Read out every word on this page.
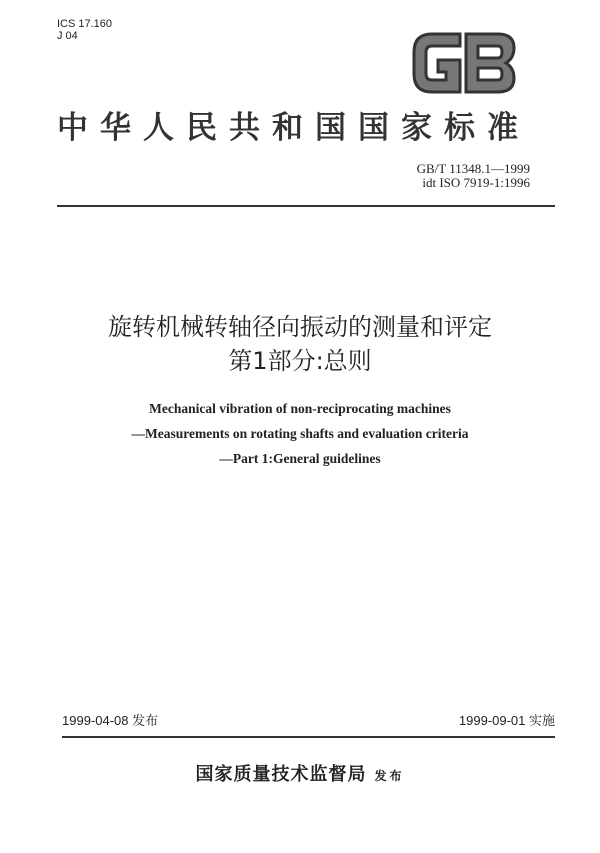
ICS 17.160
J 04
中华人民共和国国家标准
GB/T 11348.1—1999
idt ISO 7919-1:1996
旋转机械转轴径向振动的测量和评定
第1部分:总则
Mechanical vibration of non-reciprocating machines
—Measurements on rotating shafts and evaluation criteria
—Part 1:General guidelines
1999-04-08 发布	1999-09-01 实施
国家质量技术监督局 发布
